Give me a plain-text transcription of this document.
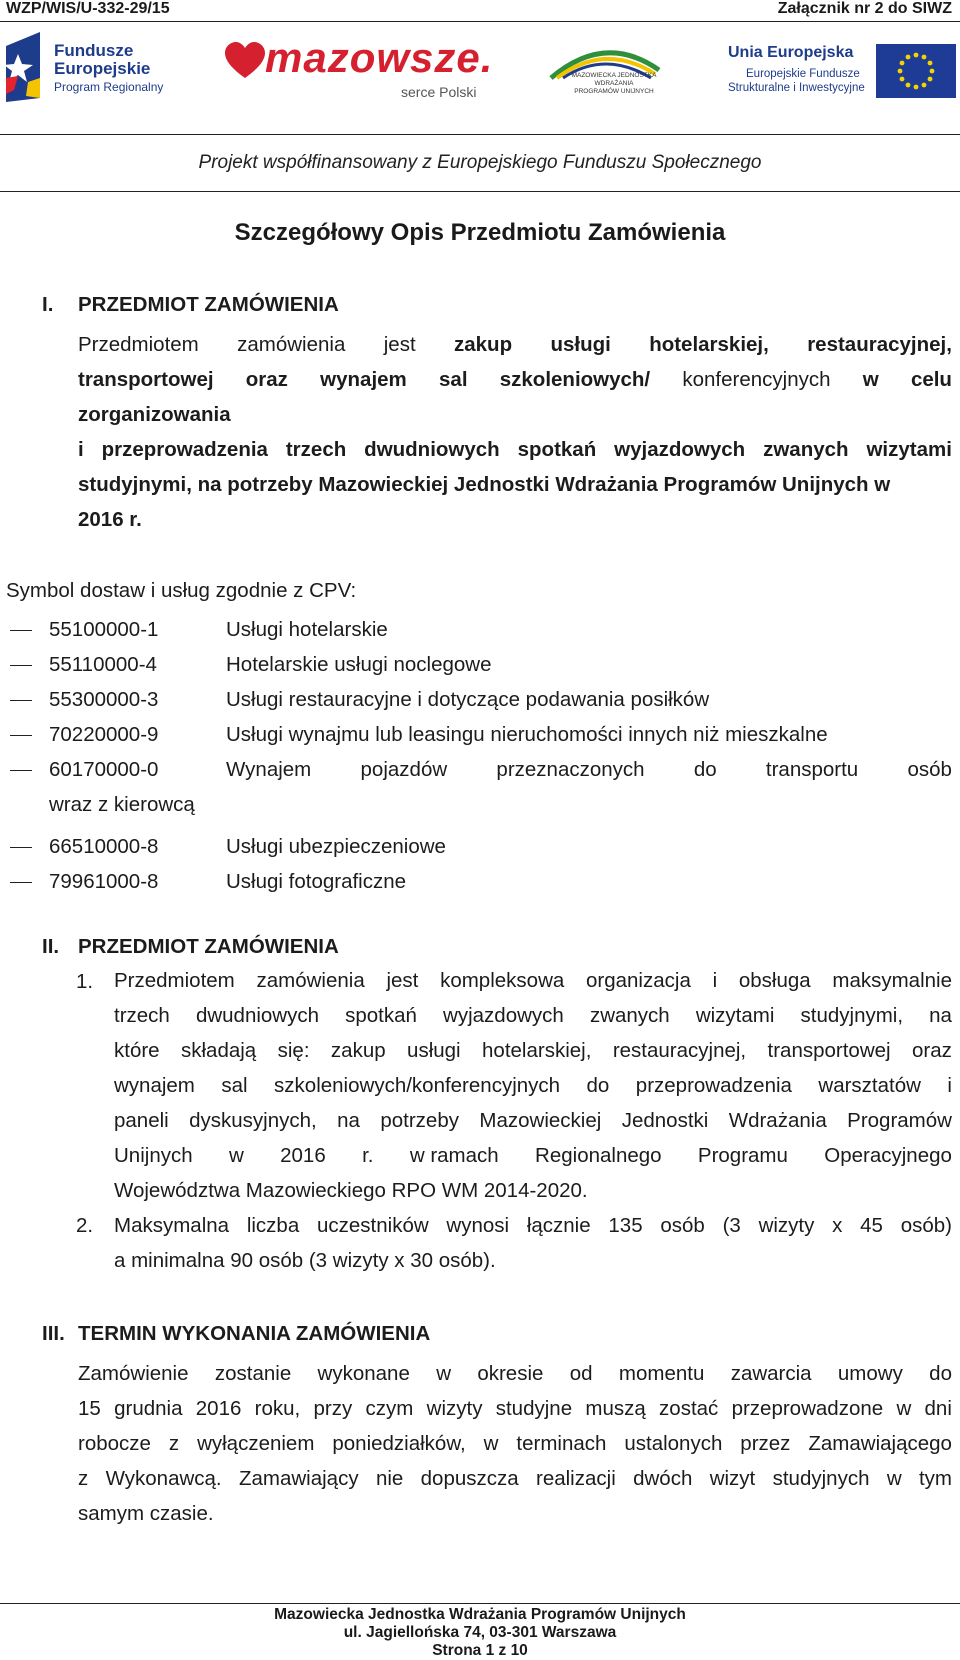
WZP/WIS/U-332-29/15	Załącznik nr 2 do SIWZ
Fundusze
Europejskie
Program Regionalny
mazowsze.
serce Polski
MAZOWIECKA JEDNOSTKA
WDRAŻANIA
PROGRAMÓW UNIJNYCH
Unia Europejska
Europejskie Fundusze
Strukturalne i Inwestycyjne
Projekt współfinansowany z Europejskiego Funduszu Społecznego
Szczegółowy Opis Przedmiotu Zamówienia
I. PRZEDMIOT ZAMÓWIENIA
Przedmiotem zamówienia jest zakup usługi hotelarskiej, restauracyjnej,
transportowej oraz wynajem sal szkoleniowych/ konferencyjnych w celu
zorganizowania
i przeprowadzenia trzech dwudniowych spotkań wyjazdowych zwanych wizytami
studyjnymi, na potrzeby Mazowieckiej Jednostki Wdrażania Programów Unijnych w
2016 r.
Symbol dostaw i usług zgodnie z CPV:
55100000-1	Usługi hotelarskie
55110000-4	Hotelarskie usługi noclegowe
55300000-3	Usługi restauracyjne i dotyczące podawania posiłków
70220000-9	Usługi wynajmu lub leasingu nieruchomości innych niż mieszkalne
60170000-0	Wynajem pojazdów przeznaczonych do transportu osób
wraz z kierowcą
66510000-8	Usługi ubezpieczeniowe
79961000-8	Usługi fotograficzne
II. PRZEDMIOT ZAMÓWIENIA
1. Przedmiotem zamówienia jest kompleksowa organizacja i obsługa maksymalnie
trzech dwudniowych spotkań wyjazdowych zwanych wizytami studyjnymi, na
które składają się: zakup usługi hotelarskiej, restauracyjnej, transportowej oraz
wynajem sal szkoleniowych/konferencyjnych do przeprowadzenia warsztatów i
paneli dyskusyjnych, na potrzeby Mazowieckiej Jednostki Wdrażania Programów
Unijnych w 2016 r. w ramach Regionalnego Programu Operacyjnego
Województwa Mazowieckiego RPO WM 2014-2020.
2. Maksymalna liczba uczestników wynosi łącznie 135 osób (3 wizyty x 45 osób)
a minimalna 90 osób (3 wizyty x 30 osób).
III. TERMIN WYKONANIA ZAMÓWIENIA
Zamówienie zostanie wykonane w okresie od momentu zawarcia umowy do
15 grudnia 2016 roku, przy czym wizyty studyjne muszą zostać przeprowadzone w dni
robocze z wyłączeniem poniedziałków, w terminach ustalonych przez Zamawiającego
z Wykonawcą. Zamawiający nie dopuszcza realizacji dwóch wizyt studyjnych w tym
samym czasie.
Mazowiecka Jednostka Wdrażania Programów Unijnych
ul. Jagiellońska 74, 03-301 Warszawa
Strona 1 z 10
